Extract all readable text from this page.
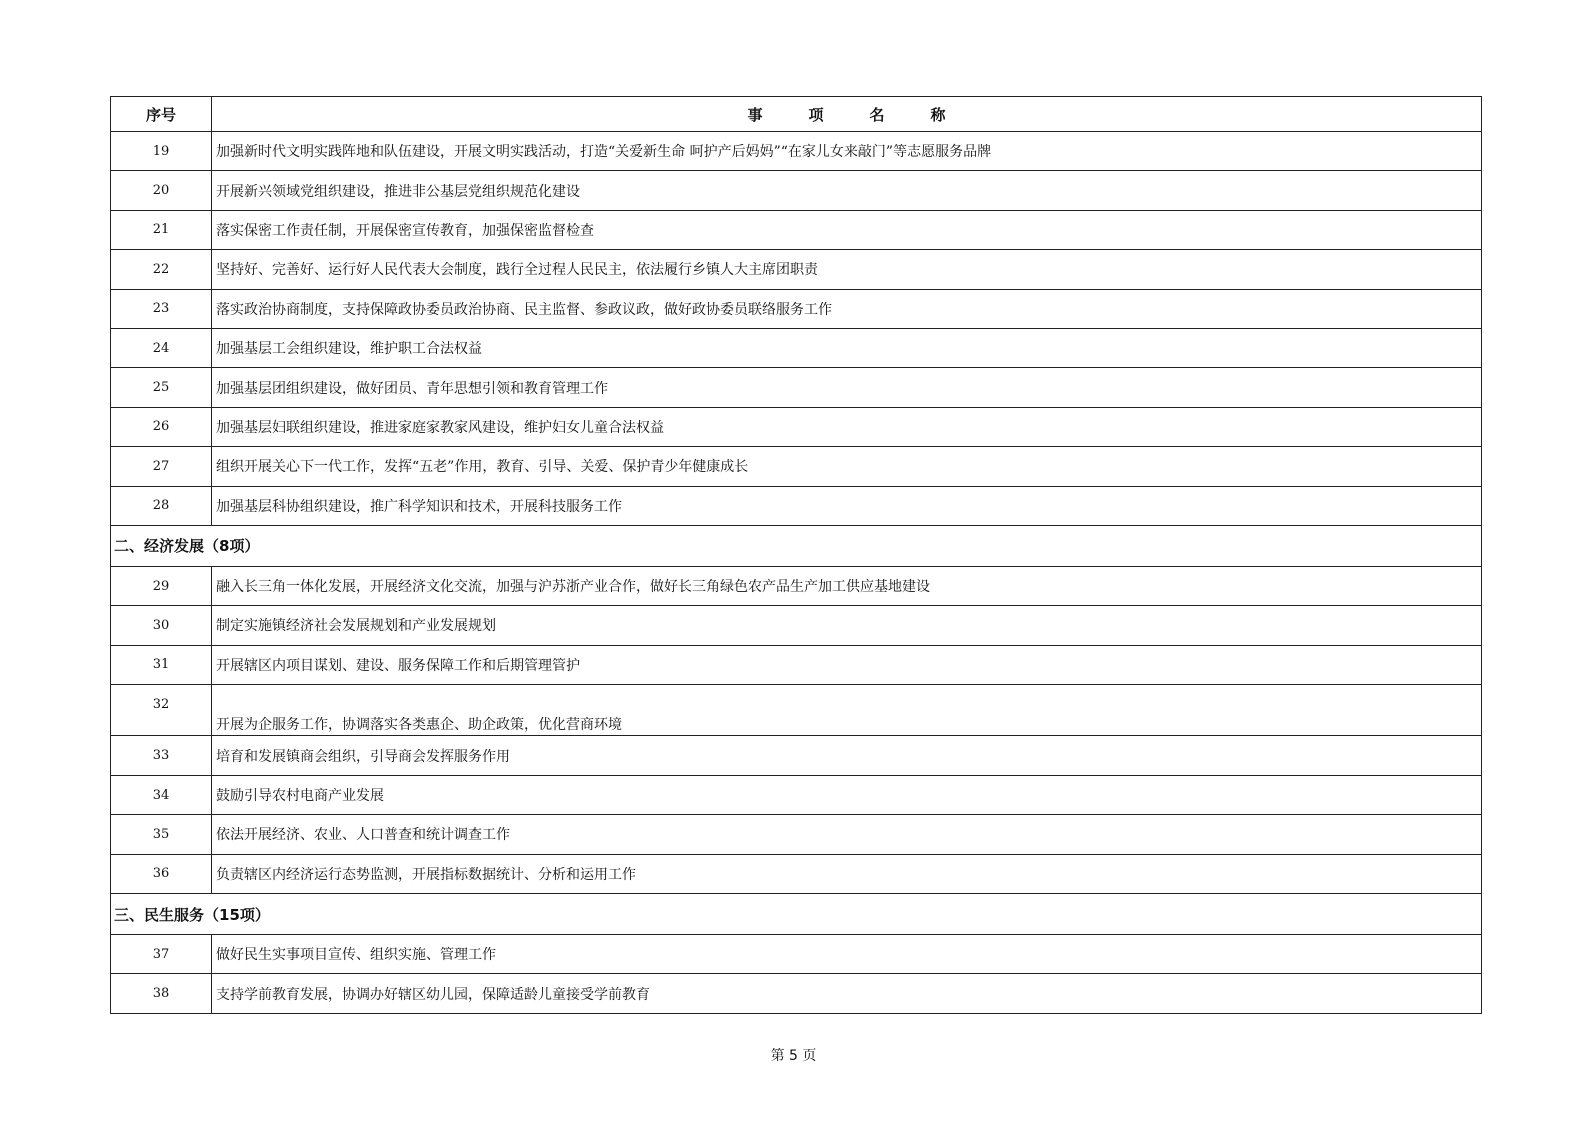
序号	事项名称
19	加强新时代文明实践阵地和队伍建设，开展文明实践活动，打造“关爱新生命 呵护产后妈妈”“在家儿女来敲门”等志愿服务品牌
20	开展新兴领域党组织建设，推进非公基层党组织规范化建设
21	落实保密工作责任制，开展保密宣传教育，加强保密监督检查
22	坚持好、完善好、运行好人民代表大会制度，践行全过程人民民主，依法履行乡镇人大主席团职责
23	落实政治协商制度，支持保障政协委员政治协商、民主监督、参政议政，做好政协委员联络服务工作
24	加强基层工会组织建设，维护职工合法权益
25	加强基层团组织建设，做好团员、青年思想引领和教育管理工作
26	加强基层妇联组织建设，推进家庭家教家风建设，维护妇女儿童合法权益
27	组织开展关心下一代工作，发挥“五老”作用，教育、引导、关爱、保护青少年健康成长
28	加强基层科协组织建设，推广科学知识和技术，开展科技服务工作
二、经济发展（8项）	
29	融入长三角一体化发展，开展经济文化交流，加强与沪苏浙产业合作，做好长三角绿色农产品生产加工供应基地建设
30	制定实施镇经济社会发展规划和产业发展规划
31	开展辖区内项目谋划、建设、服务保障工作和后期管理管护
32	开展为企服务工作，协调落实各类惠企、助企政策，优化营商环境
33	培育和发展镇商会组织，引导商会发挥服务作用
34	鼓励引导农村电商产业发展
35	依法开展经济、农业、人口普查和统计调查工作
36	负责辖区内经济运行态势监测，开展指标数据统计、分析和运用工作
三、民生服务（15项）	
37	做好民生实事项目宣传、组织实施、管理工作
38	支持学前教育发展，协调办好辖区幼儿园，保障适龄儿童接受学前教育
第 5 页
